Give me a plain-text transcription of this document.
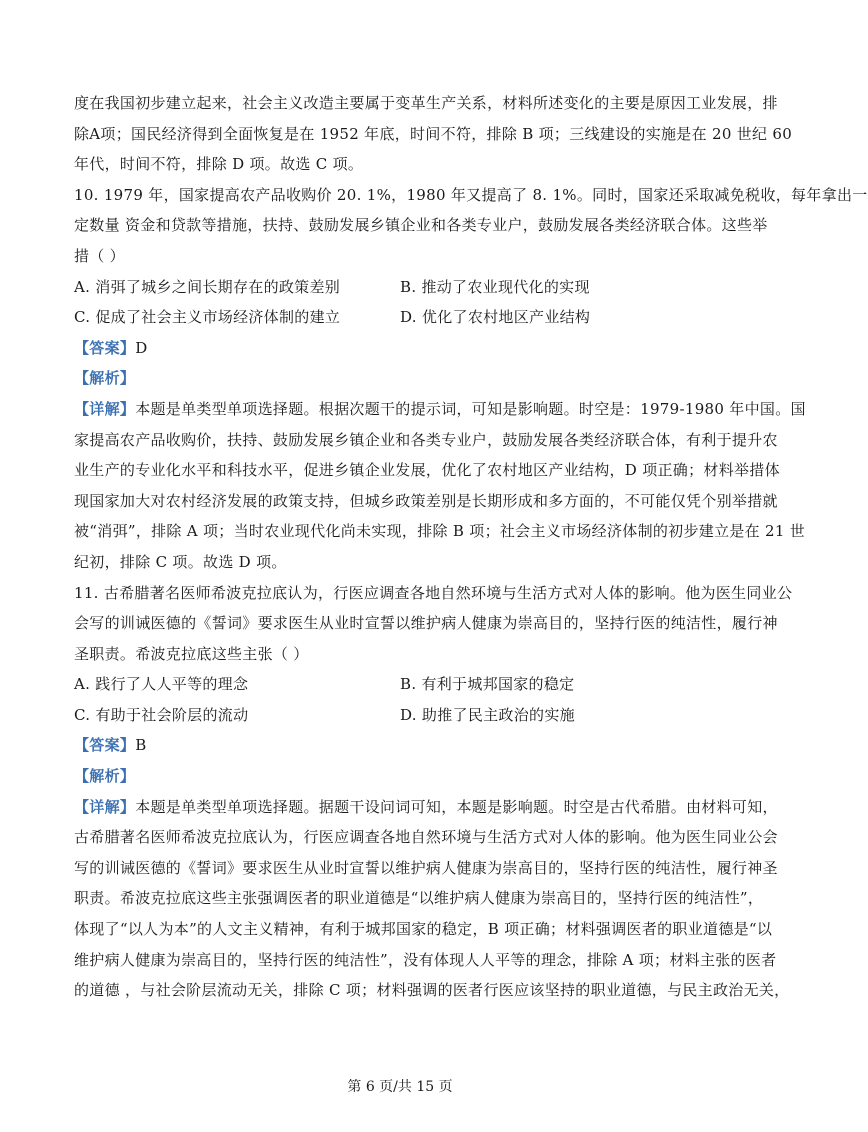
度在我国初步建立起来，社会主义改造主要属于变革生产关系，材料所述变化的主要是原因工业发展，排
除A项；国民经济得到全面恢复是在 1952 年底，时间不符，排除 B 项；三线建设的实施是在 20 世纪 60
年代，时间不符，排除 D 项。故选 C 项。
10. 1979 年，国家提高农产品收购价 20. 1%，1980 年又提高了 8. 1%。同时，国家还采取减免税收，每年拿出一
定数量 资金和贷款等措施，扶持、鼓励发展乡镇企业和各类专业户，鼓励发展各类经济联合体。这些举
措（ ）
A. 消弭了城乡之间长期存在的政策差别	B. 推动了农业现代化的实现
C. 促成了社会主义市场经济体制的建立	D. 优化了农村地区产业结构
【答案】D
【解析】
【详解】本题是单类型单项选择题。根据次题干的提示词，可知是影响题。时空是：1979-1980 年中国。国
家提高农产品收购价，扶持、鼓励发展乡镇企业和各类专业户，鼓励发展各类经济联合体，有利于提升农
业生产的专业化水平和科技水平，促进乡镇企业发展，优化了农村地区产业结构，D 项正确；材料举措体
现国家加大对农村经济发展的政策支持，但城乡政策差别是长期形成和多方面的，不可能仅凭个别举措就
被“消弭”，排除 A 项；当时农业现代化尚未实现，排除 B 项；社会主义市场经济体制的初步建立是在 21 世
纪初，排除 C 项。故选 D 项。
11. 古希腊著名医师希波克拉底认为，行医应调查各地自然环境与生活方式对人体的影响。他为医生同业公
会写的训诫医德的《誓词》要求医生从业时宣誓以维护病人健康为崇高目的，坚持行医的纯洁性，履行神
圣职责。希波克拉底这些主张（ ）
A. 践行了人人平等的理念	B. 有利于城邦国家的稳定
C. 有助于社会阶层的流动	D. 助推了民主政治的实施
【答案】B
【解析】
【详解】本题是单类型单项选择题。据题干设问词可知，本题是影响题。时空是古代希腊。由材料可知，
古希腊著名医师希波克拉底认为，行医应调查各地自然环境与生活方式对人体的影响。他为医生同业公会
写的训诫医德的《誓词》要求医生从业时宣誓以维护病人健康为崇高目的，坚持行医的纯洁性，履行神圣
职责。希波克拉底这些主张强调医者的职业道德是“以维护病人健康为崇高目的，坚持行医的纯洁性”，
体现了“以人为本”的人文主义精神，有利于城邦国家的稳定，B 项正确；材料强调医者的职业道德是“以
维护病人健康为崇高目的，坚持行医的纯洁性”，没有体现人人平等的理念，排除 A 项；材料主张的医者
的道德 ，与社会阶层流动无关，排除 C 项；材料强调的医者行医应该坚持的职业道德，与民主政治无关，
第 6 页/共 15 页
